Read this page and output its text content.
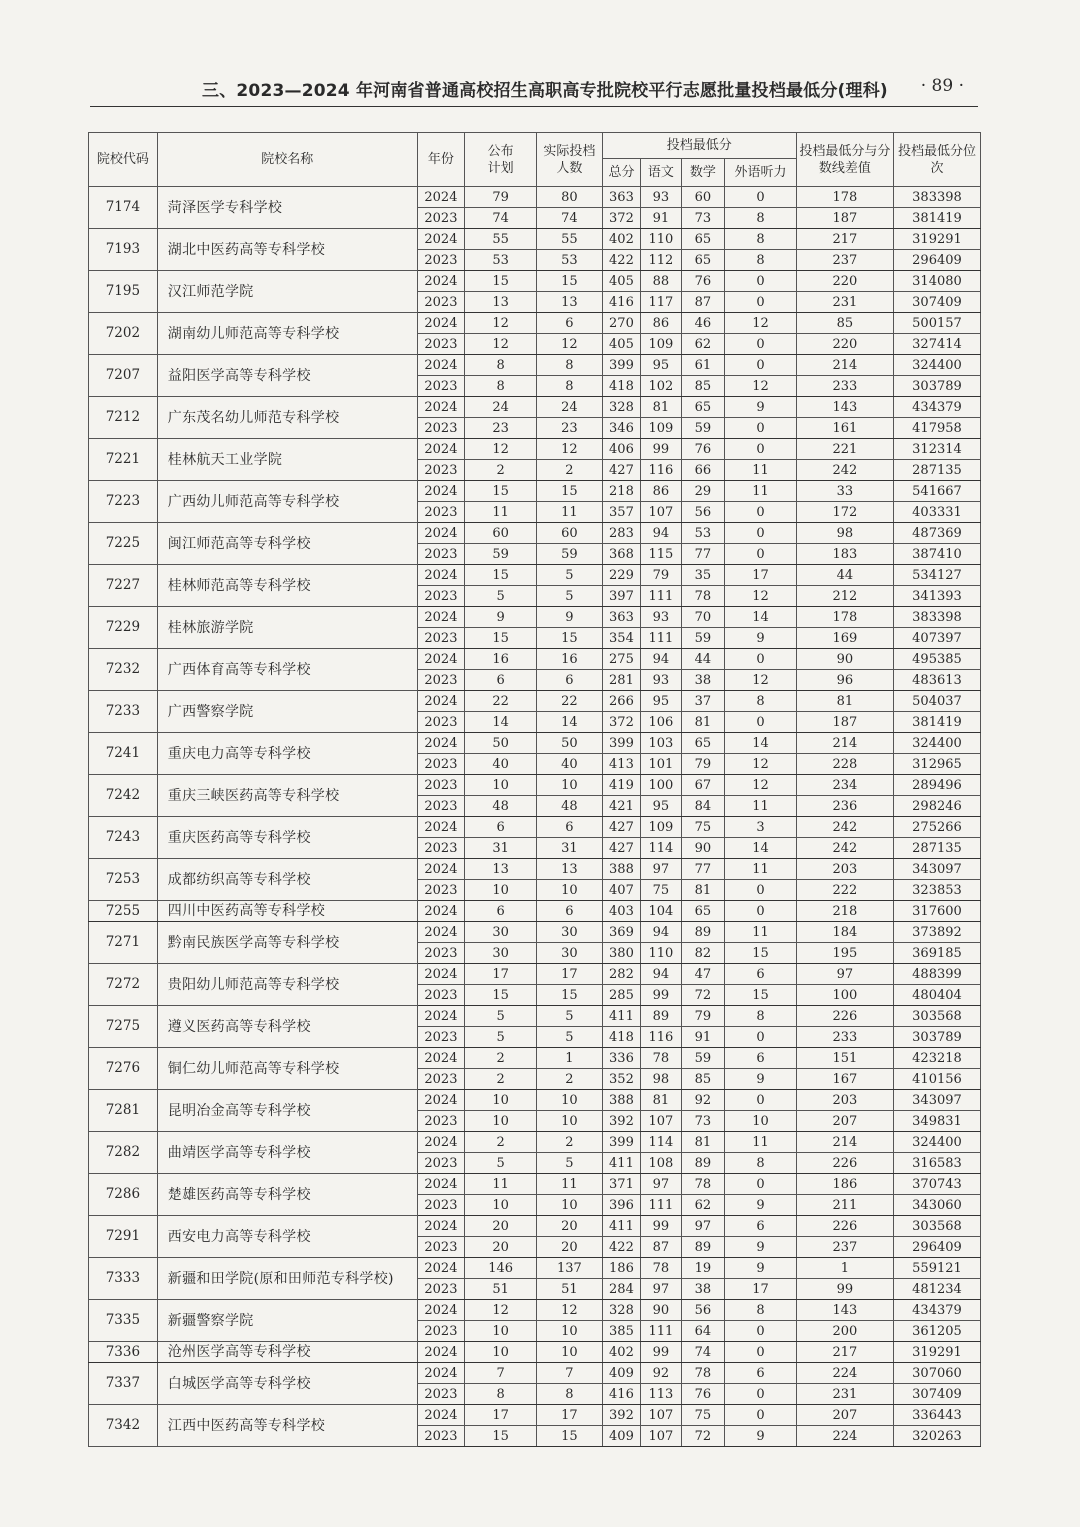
三、2023—2024 年河南省普通高校招生高职高专批院校平行志愿批量投档最低分(理科) · 89 ·
院校代码	院校名称	年份	公布计划	实际投档人数	投档最低分				投档最低分与分数线差值	投档最低分位次
					总分	语文	数学	外语听力		
7174	菏泽医学专科学校	2024	79	80	363	93	60	0	178	383398
		2023	74	74	372	91	73	8	187	381419
7193	湖北中医药高等专科学校	2024	55	55	402	110	65	8	217	319291
		2023	53	53	422	112	65	8	237	296409
7195	汉江师范学院	2024	15	15	405	88	76	0	220	314080
		2023	13	13	416	117	87	0	231	307409
7202	湖南幼儿师范高等专科学校	2024	12	6	270	86	46	12	85	500157
		2023	12	12	405	109	62	0	220	327414
7207	益阳医学高等专科学校	2024	8	8	399	95	61	0	214	324400
		2023	8	8	418	102	85	12	233	303789
7212	广东茂名幼儿师范专科学校	2024	24	24	328	81	65	9	143	434379
		2023	23	23	346	109	59	0	161	417958
7221	桂林航天工业学院	2024	12	12	406	99	76	0	221	312314
		2023	2	2	427	116	66	11	242	287135
7223	广西幼儿师范高等专科学校	2024	15	15	218	86	29	11	33	541667
		2023	11	11	357	107	56	0	172	403331
7225	闽江师范高等专科学校	2024	60	60	283	94	53	0	98	487369
		2023	59	59	368	115	77	0	183	387410
7227	桂林师范高等专科学校	2024	15	5	229	79	35	17	44	534127
		2023	5	5	397	111	78	12	212	341393
7229	桂林旅游学院	2024	9	9	363	93	70	14	178	383398
		2023	15	15	354	111	59	9	169	407397
7232	广西体育高等专科学校	2024	16	16	275	94	44	0	90	495385
		2023	6	6	281	93	38	12	96	483613
7233	广西警察学院	2024	22	22	266	95	37	8	81	504037
		2023	14	14	372	106	81	0	187	381419
7241	重庆电力高等专科学校	2024	50	50	399	103	65	14	214	324400
		2023	40	40	413	101	79	12	228	312965
7242	重庆三峡医药高等专科学校	2023	10	10	419	100	67	12	234	289496
		2023	48	48	421	95	84	11	236	298246
7243	重庆医药高等专科学校	2024	6	6	427	109	75	3	242	275266
		2023	31	31	427	114	90	14	242	287135
7253	成都纺织高等专科学校	2024	13	13	388	97	77	11	203	343097
		2023	10	10	407	75	81	0	222	323853
7255	四川中医药高等专科学校	2024	6	6	403	104	65	0	218	317600
7271	黔南民族医学高等专科学校	2024	30	30	369	94	89	11	184	373892
		2023	30	30	380	110	82	15	195	369185
7272	贵阳幼儿师范高等专科学校	2024	17	17	282	94	47	6	97	488399
		2023	15	15	285	99	72	15	100	480404
7275	遵义医药高等专科学校	2024	5	5	411	89	79	8	226	303568
		2023	5	5	418	116	91	0	233	303789
7276	铜仁幼儿师范高等专科学校	2024	2	1	336	78	59	6	151	423218
		2023	2	2	352	98	85	9	167	410156
7281	昆明冶金高等专科学校	2024	10	10	388	81	92	0	203	343097
		2023	10	10	392	107	73	10	207	349831
7282	曲靖医学高等专科学校	2024	2	2	399	114	81	11	214	324400
		2023	5	5	411	108	89	8	226	316583
7286	楚雄医药高等专科学校	2024	11	11	371	97	78	0	186	370743
		2023	10	10	396	111	62	9	211	343060
7291	西安电力高等专科学校	2024	20	20	411	99	97	6	226	303568
		2023	20	20	422	87	89	9	237	296409
7333	新疆和田学院(原和田师范专科学校)	2024	146	137	186	78	19	9	1	559121
		2023	51	51	284	97	38	17	99	481234
7335	新疆警察学院	2024	12	12	328	90	56	8	143	434379
		2023	10	10	385	111	64	0	200	361205
7336	沧州医学高等专科学校	2024	10	10	402	99	74	0	217	319291
7337	白城医学高等专科学校	2024	7	7	409	92	78	6	224	307060
		2023	8	8	416	113	76	0	231	307409
7342	江西中医药高等专科学校	2024	17	17	392	107	75	0	207	336443
		2023	15	15	409	107	72	9	224	320263
